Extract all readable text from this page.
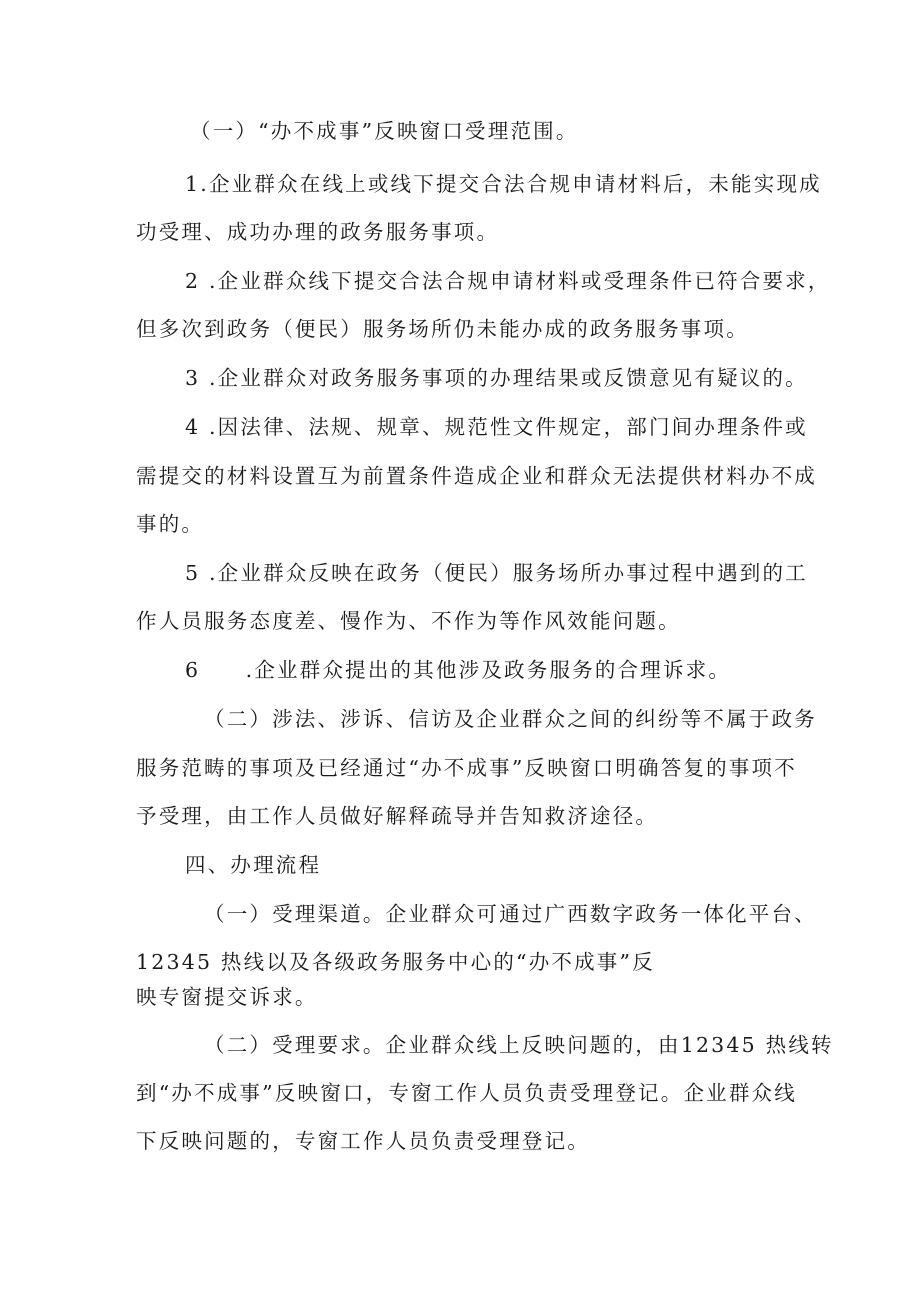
（一）“办不成事”反映窗口受理范围。
1.企业群众在线上或线下提交合法合规申请材料后，未能实现成
功受理、成功办理的政务服务事项。
2 .企业群众线下提交合法合规申请材料或受理条件已符合要求，
但多次到政务（便民）服务场所仍未能办成的政务服务事项。
3 .企业群众对政务服务事项的办理结果或反馈意见有疑议的。
4 .因法律、法规、规章、规范性文件规定，部门间办理条件或
需提交的材料设置互为前置条件造成企业和群众无法提供材料办不成
事的。
5 .企业群众反映在政务（便民）服务场所办事过程中遇到的工
作人员服务态度差、慢作为、不作为等作风效能问题。
6　　.企业群众提出的其他涉及政务服务的合理诉求。
（二）涉法、涉诉、信访及企业群众之间的纠纷等不属于政务
服务范畴的事项及已经通过“办不成事”反映窗口明确答复的事项不
予受理，由工作人员做好解释疏导并告知救济途径。
四、办理流程
（一）受理渠道。企业群众可通过广西数字政务一体化平台、
12345 热线以及各级政务服务中心的“办不成事”反
映专窗提交诉求。
（二）受理要求。企业群众线上反映问题的，由12345 热线转
到“办不成事”反映窗口，专窗工作人员负责受理登记。企业群众线
下反映问题的，专窗工作人员负责受理登记。
